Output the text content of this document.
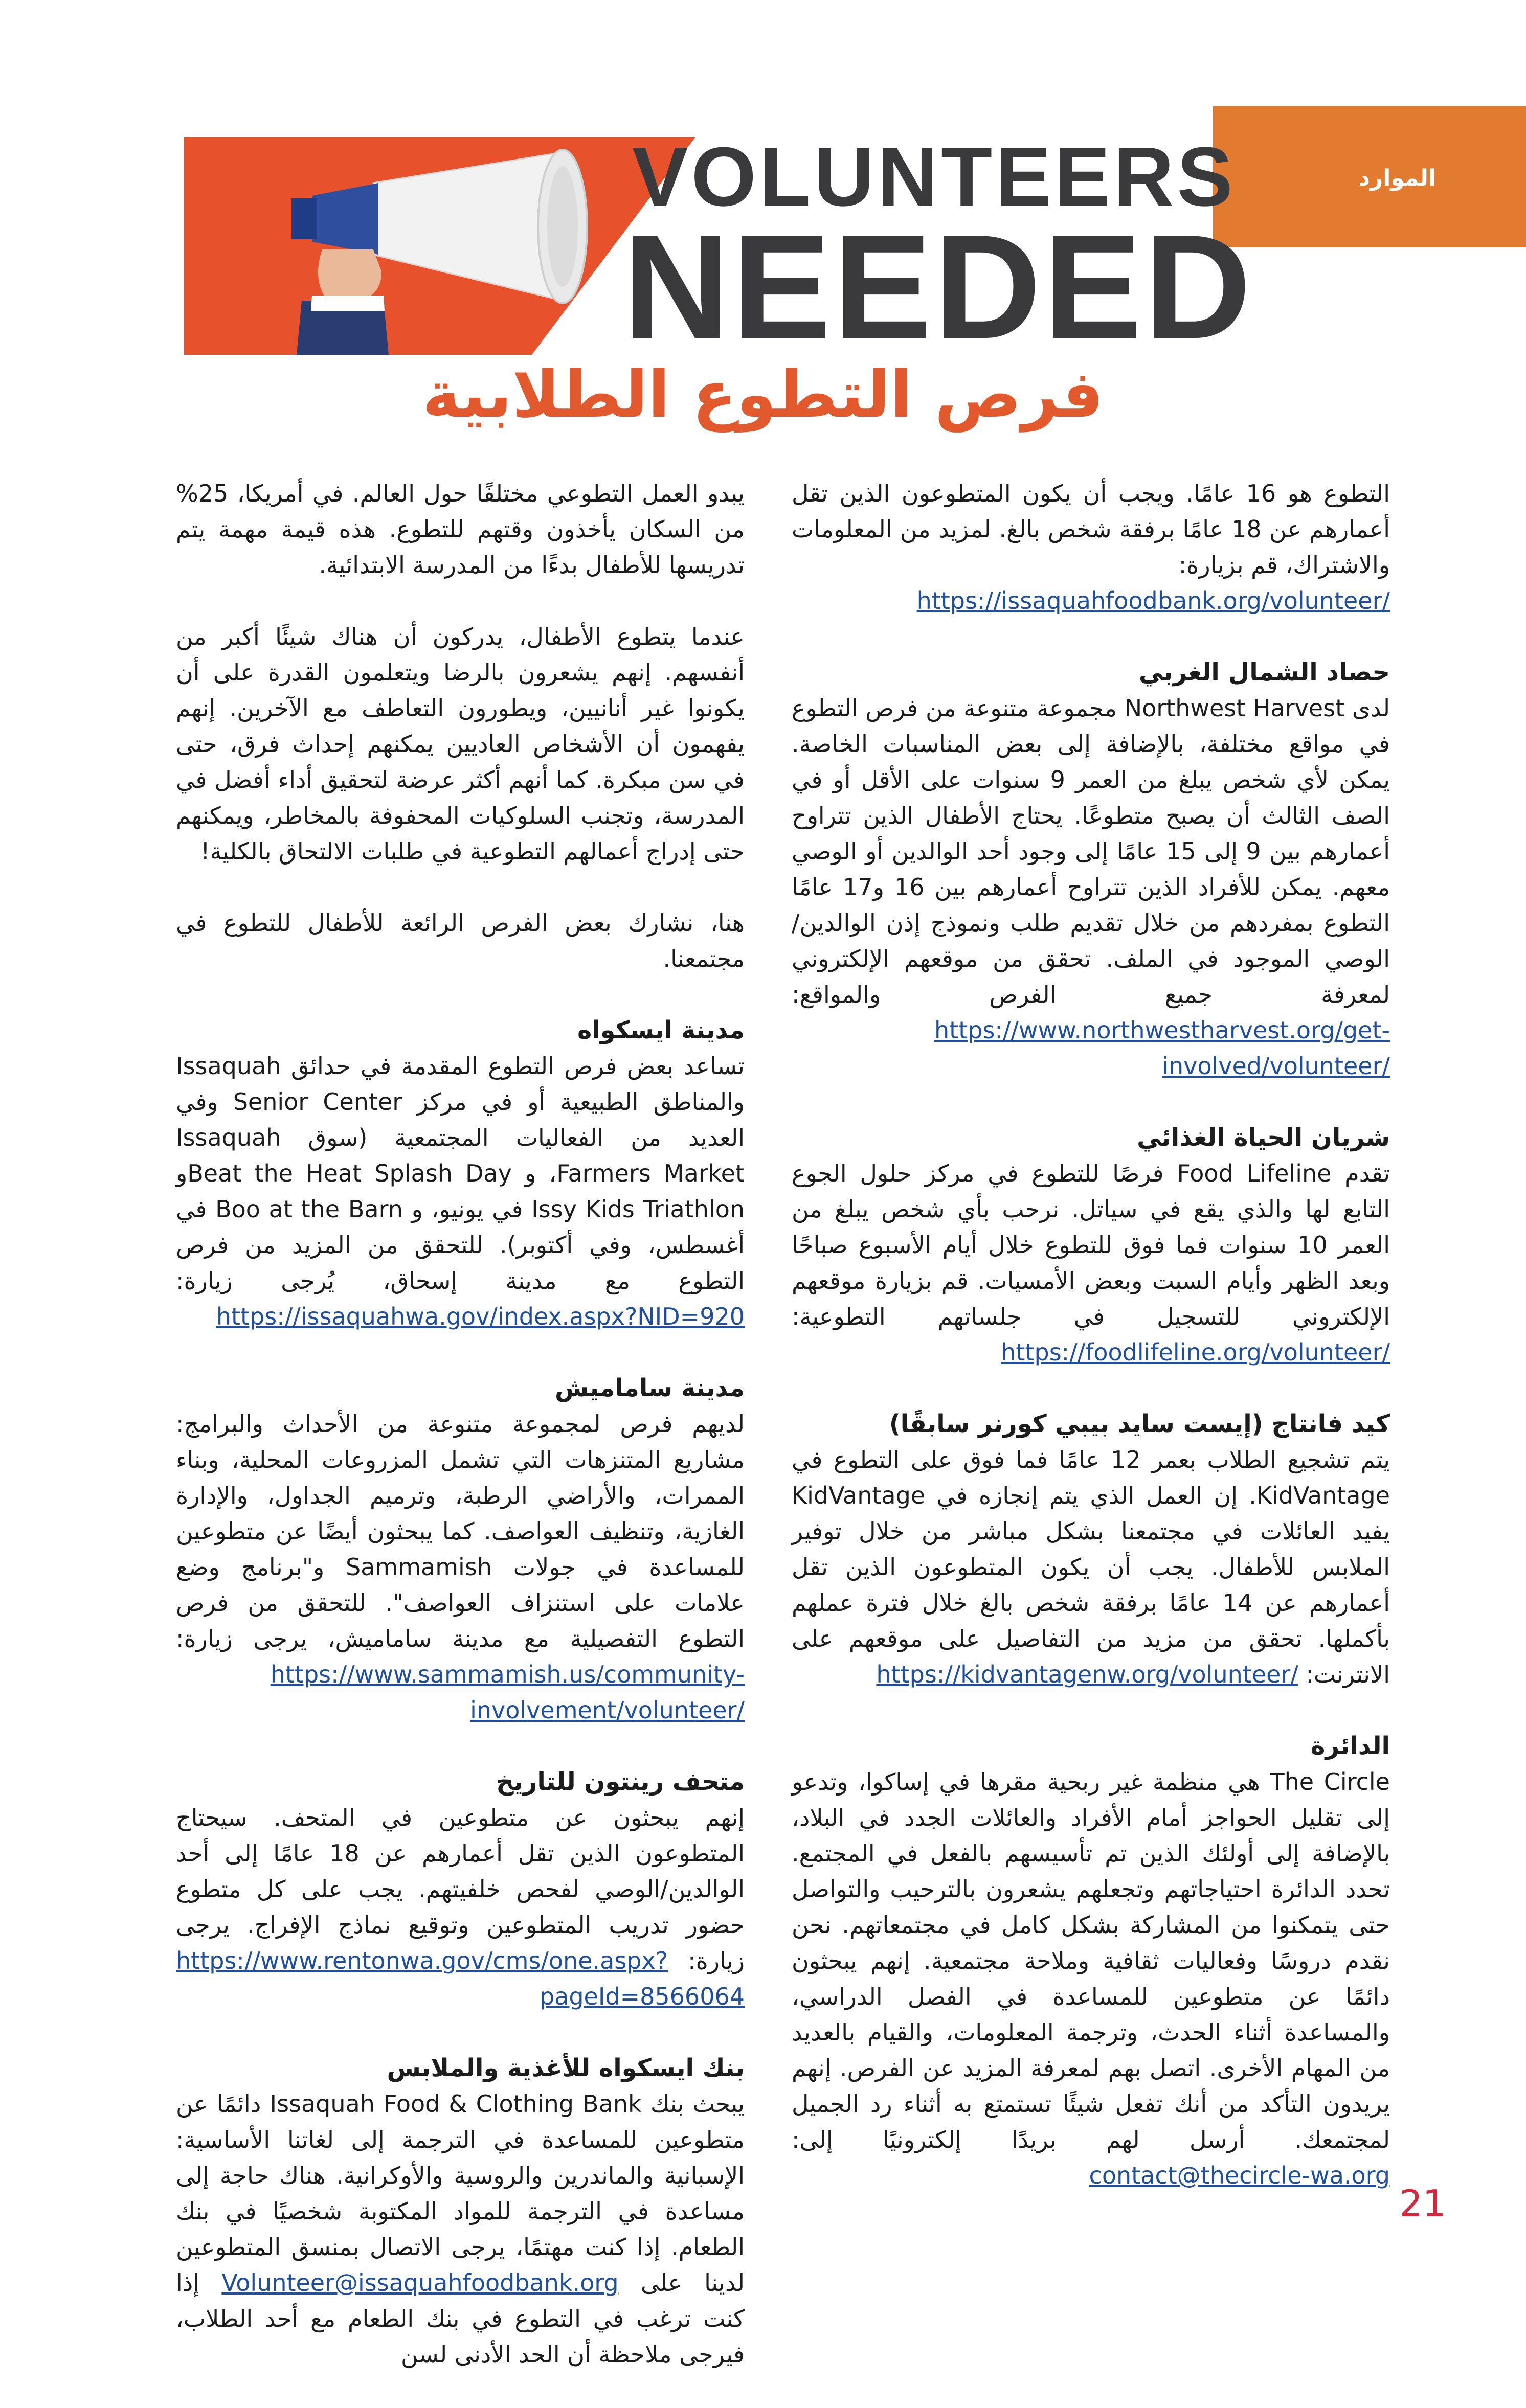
الموارد
VOLUNTEERS
NEEDED
فرص التطوع الطلابية

التطوع هو 16 عامًا. ويجب أن يكون المتطوعون الذين تقل أعمارهم عن 18 عامًا برفقة شخص بالغ. لمزيد من المعلومات والاشتراك، قم بزيارة:
https://issaquahfoodbank.org/volunteer/

حصاد الشمال الغربي

لدى Northwest Harvest مجموعة متنوعة من فرص التطوع في مواقع مختلفة، بالإضافة إلى بعض المناسبات الخاصة. يمكن لأي شخص يبلغ من العمر 9 سنوات على الأقل أو في الصف الثالث أن يصبح متطوعًا. يحتاج الأطفال الذين تتراوح أعمارهم بين 9 إلى 15 عامًا إلى وجود أحد الوالدين أو الوصي معهم. يمكن للأفراد الذين تتراوح أعمارهم بين 16 و17 عامًا التطوع بمفردهم من خلال تقديم طلب ونموذج إذن الوالدين/الوصي الموجود في الملف. تحقق من موقعهم الإلكتروني لمعرفة جميع الفرص والمواقع: https://www.northwestharvest.org/get-involved/volunteer/

شريان الحياة الغذائي

تقدم Food Lifeline فرصًا للتطوع في مركز حلول الجوع التابع لها والذي يقع في سياتل. نرحب بأي شخص يبلغ من العمر 10 سنوات فما فوق للتطوع خلال أيام الأسبوع صباحًا وبعد الظهر وأيام السبت وبعض الأمسيات. قم بزيارة موقعهم الإلكتروني للتسجيل في جلساتهم التطوعية: https://foodlifeline.org/volunteer/

كيد فانتاج (إيست سايد بيبي كورنر سابقًا)

يتم تشجيع الطلاب بعمر 12 عامًا فما فوق على التطوع في KidVantage. إن العمل الذي يتم إنجازه في KidVantage يفيد العائلات في مجتمعنا بشكل مباشر من خلال توفير الملابس للأطفال. يجب أن يكون المتطوعون الذين تقل أعمارهم عن 14 عامًا برفقة شخص بالغ خلال فترة عملهم بأكملها. تحقق من مزيد من التفاصيل على موقعهم على الانترنت: https://kidvantagenw.org/volunteer/

الدائرة

The Circle هي منظمة غير ربحية مقرها في إساكوا، وتدعو إلى تقليل الحواجز أمام الأفراد والعائلات الجدد في البلاد، بالإضافة إلى أولئك الذين تم تأسيسهم بالفعل في المجتمع. تحدد الدائرة احتياجاتهم وتجعلهم يشعرون بالترحيب والتواصل حتى يتمكنوا من المشاركة بشكل كامل في مجتمعاتهم. نحن نقدم دروسًا وفعاليات ثقافية وملاحة مجتمعية. إنهم يبحثون دائمًا عن متطوعين للمساعدة في الفصل الدراسي، والمساعدة أثناء الحدث، وترجمة المعلومات، والقيام بالعديد من المهام الأخرى. اتصل بهم لمعرفة المزيد عن الفرص. إنهم يريدون التأكد من أنك تفعل شيئًا تستمتع به أثناء رد الجميل لمجتمعك. أرسل لهم بريدًا إلكترونيًا إلى: contact@thecircle-wa.org

يبدو العمل التطوعي مختلفًا حول العالم. في أمريكا، 25% من السكان يأخذون وقتهم للتطوع. هذه قيمة مهمة يتم تدريسها للأطفال بدءًا من المدرسة الابتدائية.

عندما يتطوع الأطفال، يدركون أن هناك شيئًا أكبر من أنفسهم. إنهم يشعرون بالرضا ويتعلمون القدرة على أن يكونوا غير أنانيين، ويطورون التعاطف مع الآخرين. إنهم يفهمون أن الأشخاص العاديين يمكنهم إحداث فرق، حتى في سن مبكرة. كما أنهم أكثر عرضة لتحقيق أداء أفضل في المدرسة، وتجنب السلوكيات المحفوفة بالمخاطر، ويمكنهم حتى إدراج أعمالهم التطوعية في طلبات الالتحاق بالكلية!

هنا، نشارك بعض الفرص الرائعة للأطفال للتطوع في مجتمعنا.

مدينة ايسكواه

تساعد بعض فرص التطوع المقدمة في حدائق Issaquah والمناطق الطبيعية أو في مركز Senior Center وفي العديد من الفعاليات المجتمعية (سوق Issaquah Farmers Market، و Beat the Heat Splash Dayو Issy Kids Triathlon في يونيو، و Boo at the Barn في أغسطس، وفي أكتوبر). للتحقق من المزيد من فرص التطوع مع مدينة إسحاق، يُرجى زيارة: https://issaquahwa.gov/index.aspx?NID=920

مدينة ساماميش

لديهم فرص لمجموعة متنوعة من الأحداث والبرامج: مشاريع المتنزهات التي تشمل المزروعات المحلية، وبناء الممرات، والأراضي الرطبة، وترميم الجداول، والإدارة الغازية، وتنظيف العواصف. كما يبحثون أيضًا عن متطوعين للمساعدة في جولات Sammamish و"برنامج وضع علامات على استنزاف العواصف". للتحقق من فرص التطوع التفصيلية مع مدينة ساماميش، يرجى زيارة: https://www.sammamish.us/community-involvement/volunteer/

متحف رينتون للتاريخ

إنهم يبحثون عن متطوعين في المتحف. سيحتاج المتطوعون الذين تقل أعمارهم عن 18 عامًا إلى أحد الوالدين/الوصي لفحص خلفيتهم. يجب على كل متطوع حضور تدريب المتطوعين وتوقيع نماذج الإفراج. يرجى زيارة: https://www.rentonwa.gov/cms/one.aspx?pageId=8566064

بنك ايسكواه للأغذية والملابس

يبحث بنك Issaquah Food & Clothing Bank دائمًا عن متطوعين للمساعدة في الترجمة إلى لغاتنا الأساسية: الإسبانية والماندرين والروسية والأوكرانية. هناك حاجة إلى مساعدة في الترجمة للمواد المكتوبة شخصيًا في بنك الطعام. إذا كنت مهتمًا، يرجى الاتصال بمنسق المتطوعين لدينا على Volunteer@issaquahfoodbank.org إذا كنت ترغب في التطوع في بنك الطعام مع أحد الطلاب، فيرجى ملاحظة أن الحد الأدنى لسن

21
